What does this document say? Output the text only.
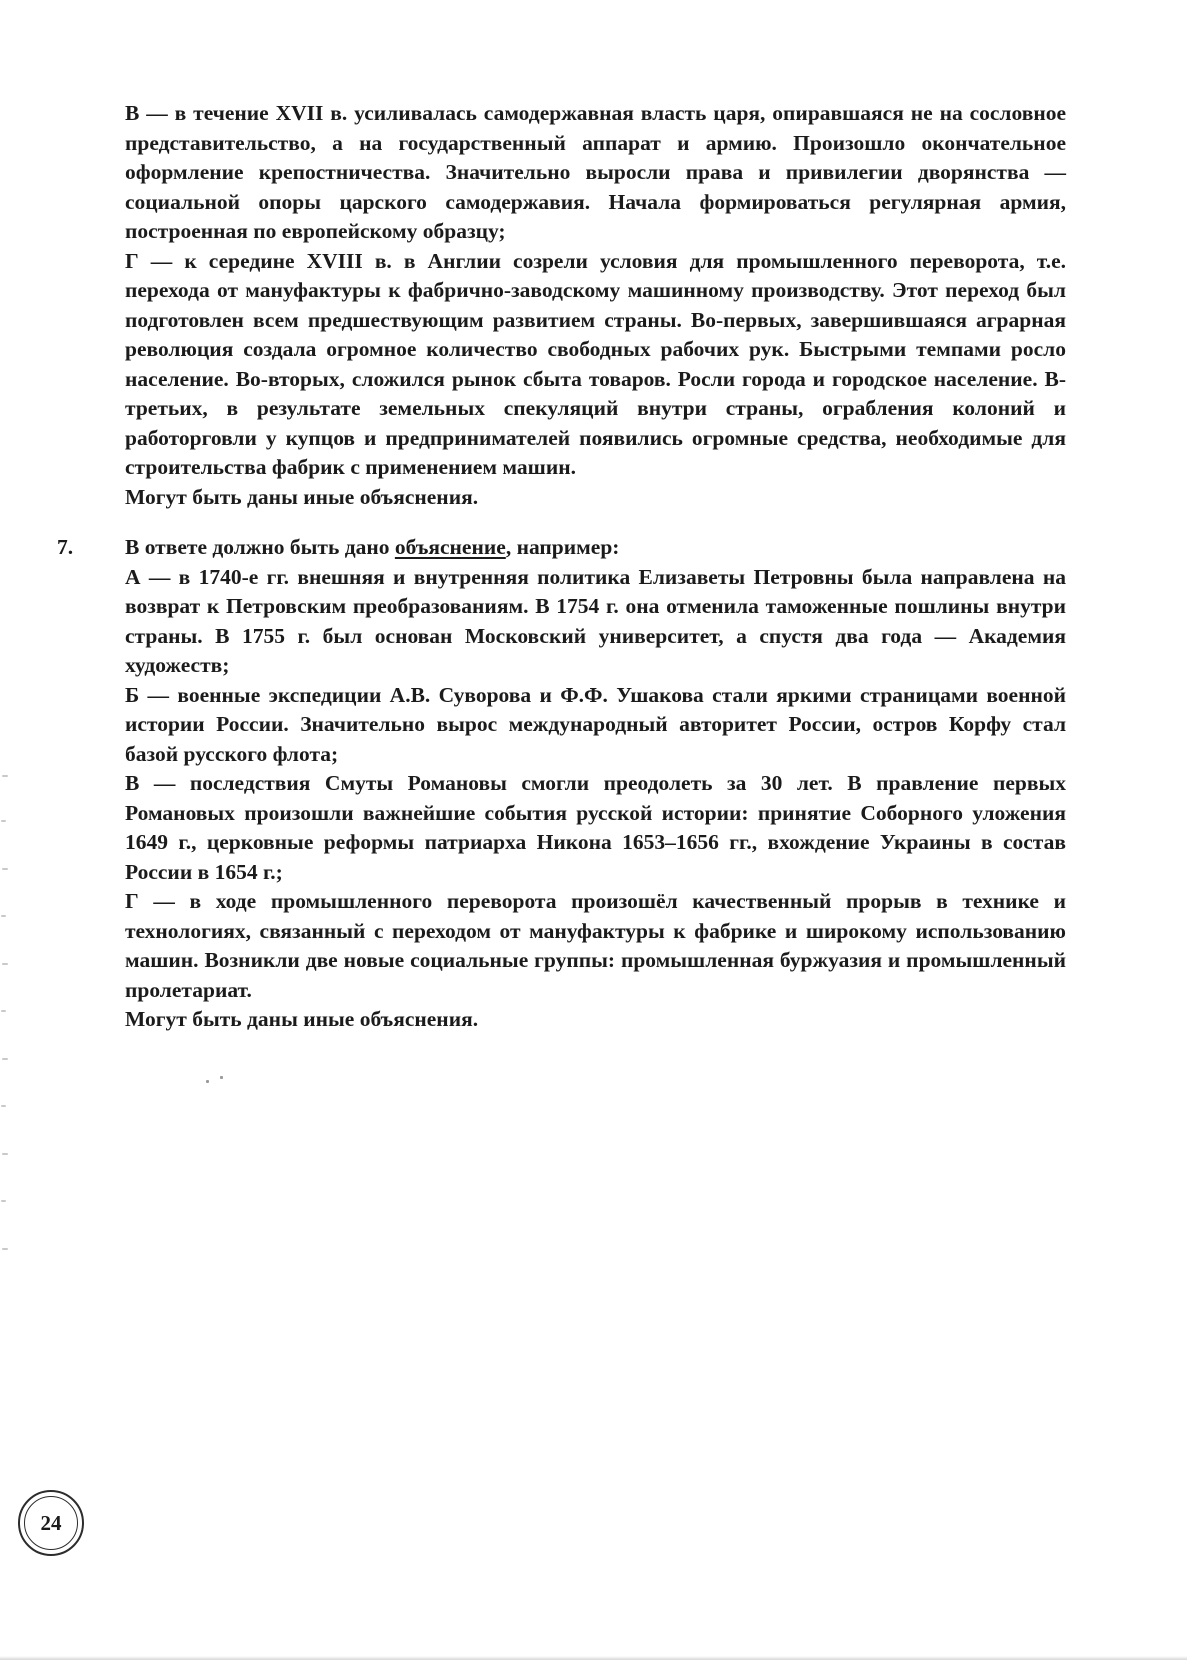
В — в течение XVII в. усиливалась самодержавная власть царя, опиравшаяся не на сословное представительство, а на государственный аппарат и армию. Произошло окончательное оформление крепостничества. Значительно выросли права и привилегии дворянства — социальной опоры царского самодержавия. Начала формироваться регулярная армия, построенная по европейскому образцу;

Г — к середине XVIII в. в Англии созрели условия для промышленного переворота, т.е. перехода от мануфактуры к фабрично-заводскому машинному производству. Этот переход был подготовлен всем предшествующим развитием страны. Во-первых, завершившаяся аграрная революция создала огромное количество свободных рабочих рук. Быстрыми темпами росло население. Во-вторых, сложился рынок сбыта товаров. Росли города и городское население. В-третьих, в результате земельных спекуляций внутри страны, ограбления колоний и работорговли у купцов и предпринимателей появились огромные средства, необходимые для строительства фабрик с применением машин.

Могут быть даны иные объяснения.

7. В ответе должно быть дано объяснение, например:

А — в 1740-е гг. внешняя и внутренняя политика Елизаветы Петровны была направлена на возврат к Петровским преобразованиям. В 1754 г. она отменила таможенные пошлины внутри страны. В 1755 г. был основан Московский университет, а спустя два года — Академия художеств;

Б — военные экспедиции А.В. Суворова и Ф.Ф. Ушакова стали яркими страницами военной истории России. Значительно вырос международный авторитет России, остров Корфу стал базой русского флота;

В — последствия Смуты Романовы смогли преодолеть за 30 лет. В правление первых Романовых произошли важнейшие события русской истории: принятие Соборного уложения 1649 г., церковные реформы патриарха Никона 1653–1656 гг., вхождение Украины в состав России в 1654 г.;

Г — в ходе промышленного переворота произошёл качественный прорыв в технике и технологиях, связанный с переходом от мануфактуры к фабрике и широкому использованию машин. Возникли две новые социальные группы: промышленная буржуазия и промышленный пролетариат.

Могут быть даны иные объяснения.

24
